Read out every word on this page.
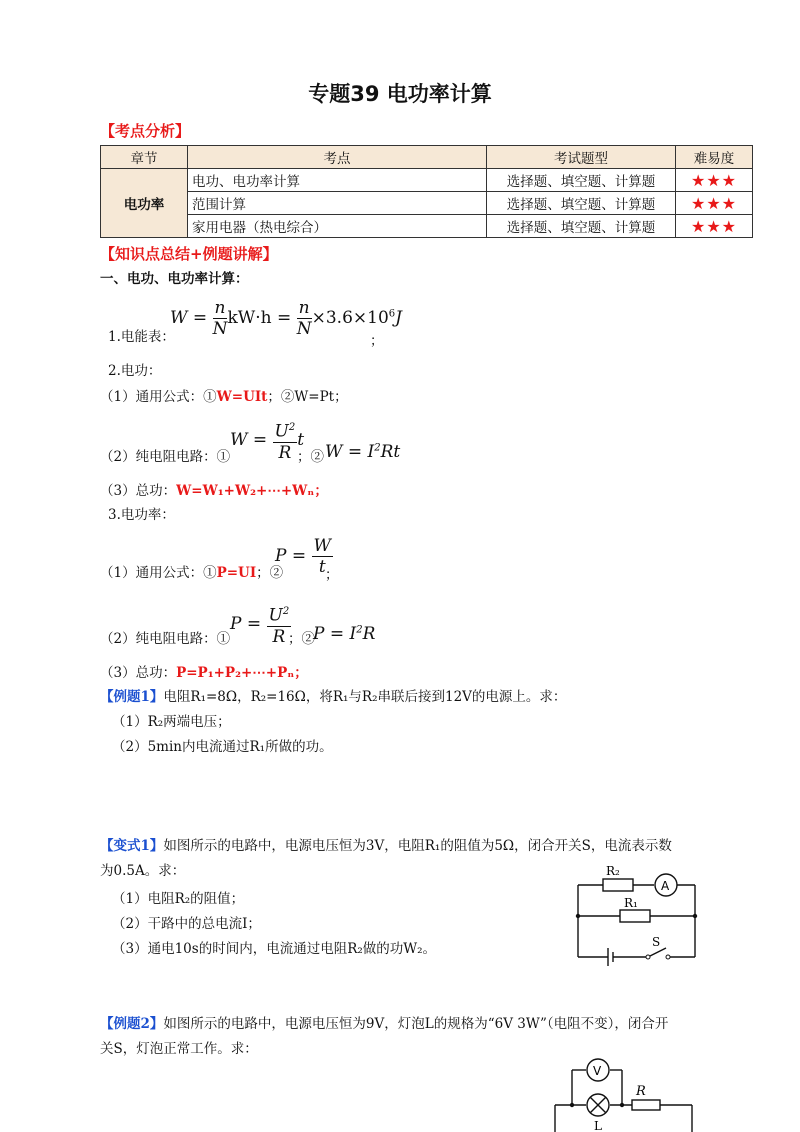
专题39 电功率计算
【考点分析】
章节	考点	考试题型	难易度
电功率	电功、电功率计算	选择题、填空题、计算题	★★★
	范围计算	选择题、填空题、计算题	★★★
	家用电器（热电综合）	选择题、填空题、计算题	★★★
【知识点总结+例题讲解】
一、电功、电功率计算：
1.电能表：
$W = \frac{n}{N} kW\cdot h = \frac{n}{N} \times 3.6\times 10^6J$
；
2.电功：
（1）通用公式：①W=UIt；②W=Pt；
（2）纯电阻电路：①
$W = \frac{U^2}{R}$ t
；② $W = I^2Rt$
（3）总功：W=W₁+W₂+⋯+Wₙ；
3.电功率：
（1）通用公式：①P=UI；②
$P = \frac{W}{t}$
；
（2）纯电阻电路：①
$P = \frac{U^2}{R}$
；②
$P = I^2R$
（3）总功：P=P₁+P₂+⋯+Pₙ；
【例题1】电阻R₁=8Ω，R₂=16Ω，将R₁与R₂串联后接到12V的电源上。求：
（1）R₂两端电压；
（2）5min内电流通过R₁所做的功。
【变式1】如图所示的电路中，电源电压恒为3V，电阻R₁的阻值为5Ω，闭合开关S，电流表示数
为0.5A。求：
（1）电阻R₂的阻值；
（2）干路中的总电流I；
（3）通电10s的时间内，电流通过电阻R₂做的功W₂。
R₂
A
R₁
S
【例题2】如图所示的电路中，电源电压恒为9V，灯泡L的规格为“6V 3W”（电阻不变），闭合开
关S，灯泡正常工作。求：
V
R
L
